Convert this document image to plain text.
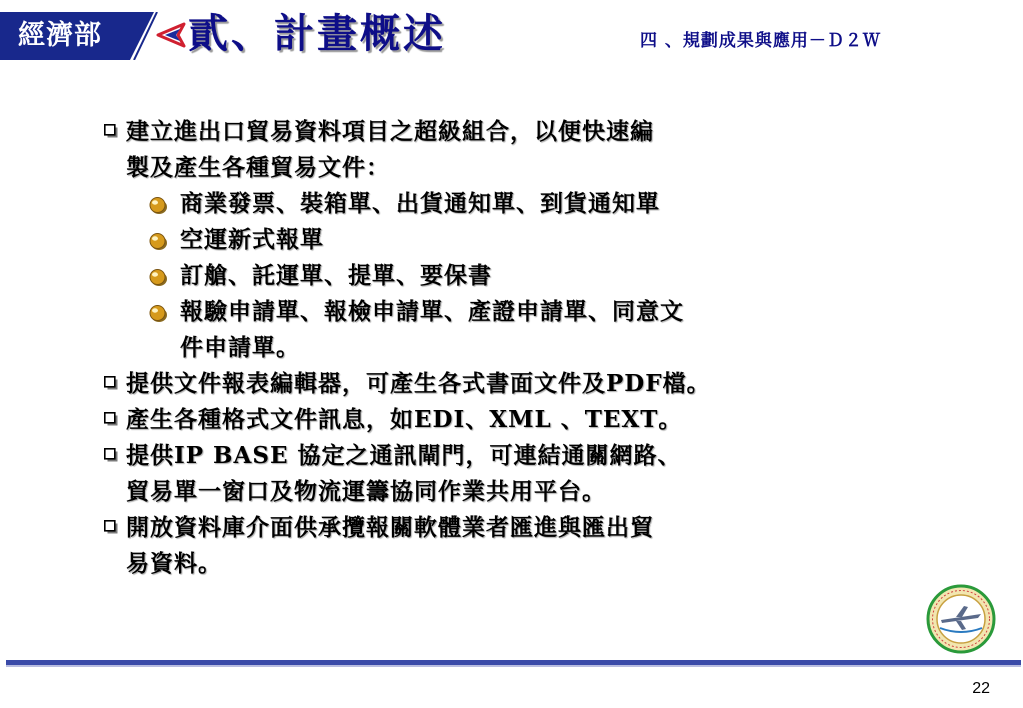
經濟部	貳、計畫概述	四 、規劃成果與應用－Ｄ２Ｗ
建立進出口貿易資料項目之超級組合，以便快速編
製及產生各種貿易文件：
商業發票、裝箱單、出貨通知單、到貨通知單
空運新式報單
訂艙、託運單、提單、要保書
報驗申請單、報檢申請單、產證申請單、同意文
件申請單。
提供文件報表編輯器，可產生各式書面文件及PDF檔。
產生各種格式文件訊息，如EDI、XML 、TEXT。
提供IP BASE 協定之通訊閘門，可連結通關網路、
貿易單一窗口及物流運籌協同作業共用平台。
開放資料庫介面供承攬報關軟體業者匯進與匯出貿
易資料。
22
